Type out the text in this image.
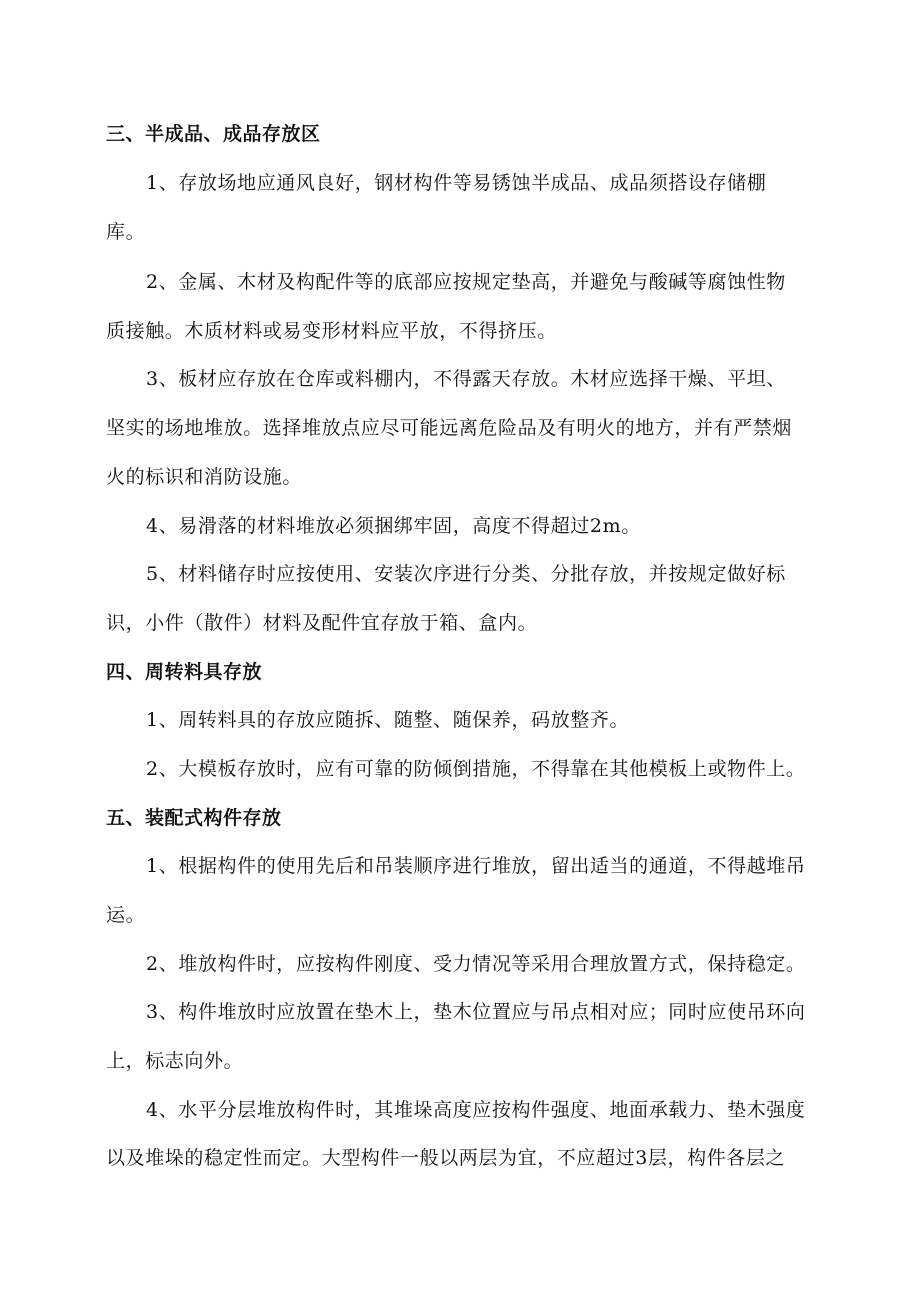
三、半成品、成品存放区
1、存放场地应通风良好，钢材构件等易锈蚀半成品、成品须搭设存储棚
库。
2、金属、木材及构配件等的底部应按规定垫高，并避免与酸碱等腐蚀性物
质接触。木质材料或易变形材料应平放，不得挤压。
3、板材应存放在仓库或料棚内，不得露天存放。木材应选择干燥、平坦、
坚实的场地堆放。选择堆放点应尽可能远离危险品及有明火的地方，并有严禁烟
火的标识和消防设施。
4、易滑落的材料堆放必须捆绑牢固，高度不得超过2m。
5、材料储存时应按使用、安装次序进行分类、分批存放，并按规定做好标
识，小件（散件）材料及配件宜存放于箱、盒内。
四、周转料具存放
1、周转料具的存放应随拆、随整、随保养，码放整齐。
2、大模板存放时，应有可靠的防倾倒措施，不得靠在其他模板上或物件上。
五、装配式构件存放
1、根据构件的使用先后和吊装顺序进行堆放，留出适当的通道，不得越堆吊
运。
2、堆放构件时，应按构件刚度、受力情况等采用合理放置方式，保持稳定。
3、构件堆放时应放置在垫木上，垫木位置应与吊点相对应；同时应使吊环向
上，标志向外。
4、水平分层堆放构件时，其堆垛高度应按构件强度、地面承载力、垫木强度
以及堆垛的稳定性而定。大型构件一般以两层为宜，不应超过3层，构件各层之
